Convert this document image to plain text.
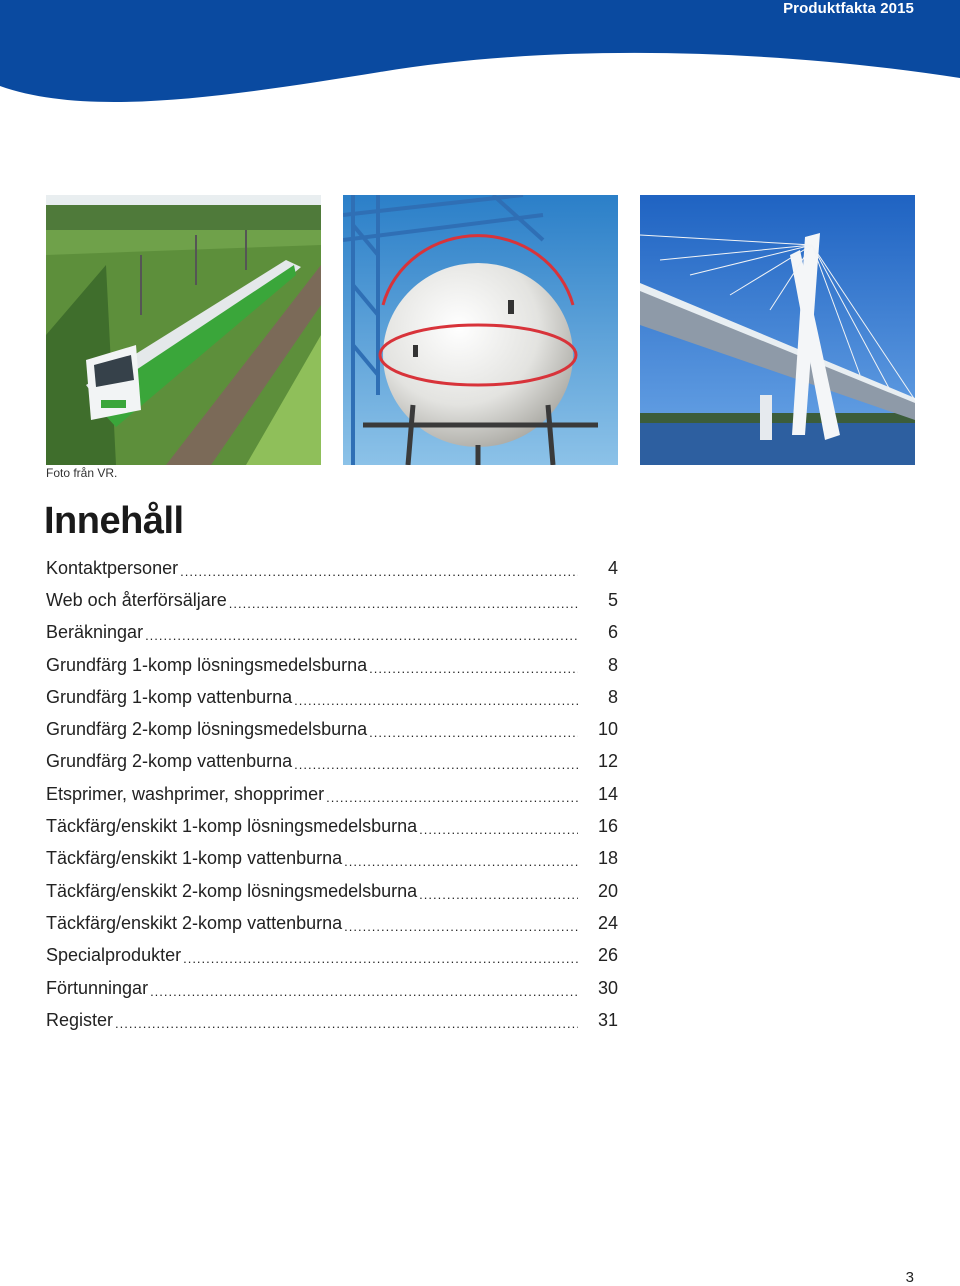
Produktfakta 2015
Foto från VR.
Innehåll
Kontaktpersoner .....	4
Web och återförsäljare .....	5
Beräkningar .....	6
Grundfärg 1-komp lösningsmedelsburna .....	8
Grundfärg 1-komp vattenburna .....	8
Grundfärg 2-komp lösningsmedelsburna .....	10
Grundfärg 2-komp vattenburna .....	12
Etsprimer, washprimer, shopprimer .....	14
Täckfärg/enskikt 1-komp lösningsmedelsburna .....	16
Täckfärg/enskikt 1-komp vattenburna .....	18
Täckfärg/enskikt 2-komp lösningsmedelsburna .....	20
Täckfärg/enskikt 2-komp vattenburna .....	24
Specialprodukter .....	26
Förtunningar .....	30
Register .....	31
3
